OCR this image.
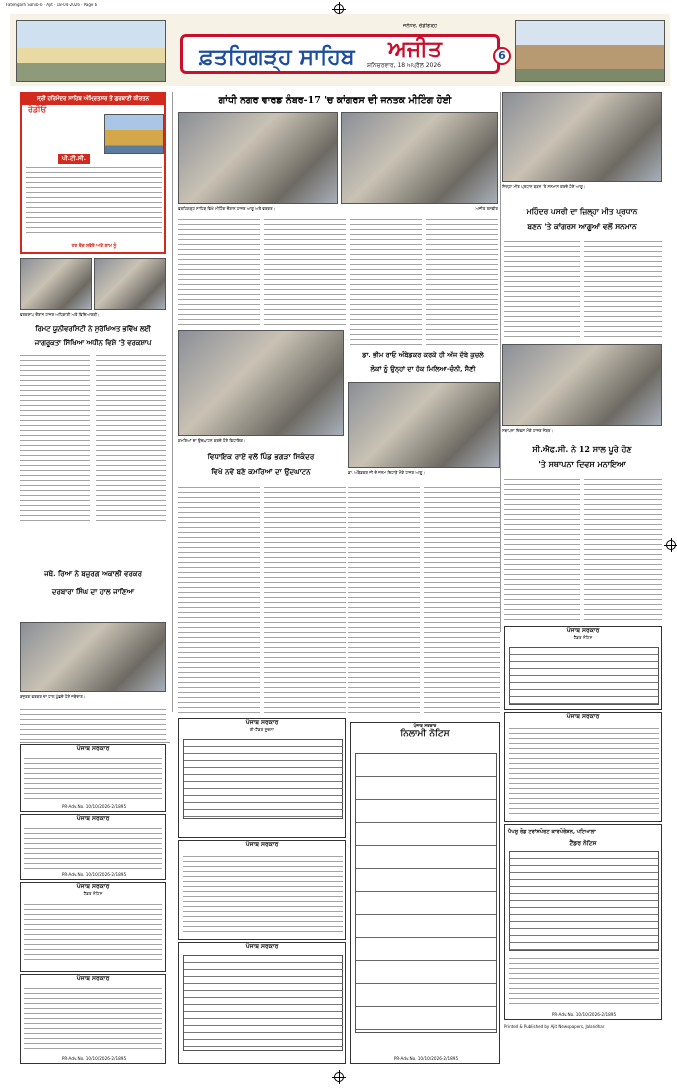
Fatehgarh Sahib-6 · Ajit · 18-04-2026 · Page 6
ਫ਼ਤਹਿਗੜ੍ਹ ਸਾਹਿਬ	ਅਜੀਤ
ਸ਼ਨਿਚਰਵਾਰ, 18 ਅਪ੍ਰੈਲ 2026
ਜਲੰਧਰ, ਚੰਡੀਗੜ੍ਹ
6
ਸ੍ਰੀ ਹਰਿਮੰਦਰ ਸਾਹਿਬ ਅੰਮ੍ਰਿਤਸਰ ਤੋਂ ਗੁਰਬਾਣੀ ਕੀਰਤਨ
ਰੇਡੀਓ
ਪੀ.ਟੀ.ਸੀ.
ਹਰ ਰੋਜ਼ ਸਵੇਰੇ ਅਤੇ ਸ਼ਾਮ ਨੂੰ
ਗਾਂਧੀ ਨਗਰ ਵਾਰਡ ਨੰਬਰ-17 'ਚ ਕਾਂਗਰਸ ਦੀ ਜਨਤਕ ਮੀਟਿੰਗ ਹੋਈ
ਫ਼ਤਹਿਗੜ੍ਹ ਸਾਹਿਬ ਵਿਖੇ ਮੀਟਿੰਗ ਦੌਰਾਨ ਹਾਜ਼ਰ ਆਗੂ ਅਤੇ ਵਰਕਰ।	ਅਜੀਤ ਤਸਵੀਰ
ਜ਼ਿਲ੍ਹਾ ਮੀਤ ਪ੍ਰਧਾਨ ਬਣਨ 'ਤੇ ਸਨਮਾਨ ਕਰਦੇ ਹੋਏ ਆਗੂ।
ਮਹਿੰਦਰ ਪਸਰੀ ਦਾ ਜ਼ਿਲ੍ਹਾ ਮੀਤ ਪ੍ਰਧਾਨ
ਬਣਨ 'ਤੇ ਕਾਂਗਰਸ ਆਗੂਆਂ ਵਲੋਂ ਸਨਮਾਨ
ਵਰਕਸ਼ਾਪ ਦੌਰਾਨ ਹਾਜ਼ਰ ਅਧਿਕਾਰੀ ਅਤੇ ਵਿਦਿਆਰਥੀ।
ਰਿਮਟ ਯੂਨੀਵਰਸਿਟੀ ਨੇ ਸੁਰੱਖਿਅਤ ਭਵਿੱਖ ਲਈ
ਜਾਗਰੂਕਤਾ ਸਿੱਖਿਆ ਅਧੀਨ ਵਿਸ਼ੇ 'ਤੇ ਵਰਕਸ਼ਾਪ
ਕਮਰਿਆਂ ਦਾ ਉਦਘਾਟਨ ਕਰਦੇ ਹੋਏ ਵਿਧਾਇਕ।
ਵਿਧਾਇਕ ਰਾਏ ਵਲੋਂ ਪਿੰਡ ਭਗੜਾ ਸਿਕੰਦਰ
ਵਿਖੇ ਨਵੇਂ ਬਣੇ ਕਮਰਿਆਂ ਦਾ ਉਦਘਾਟਨ
ਡਾ. ਭੀਮ ਰਾਓ ਅੰਬੇਡਕਰ ਕਰਕੇ ਹੀ ਅੱਜ ਦੱਬੇ ਕੁਚਲੇ
ਲੋਕਾਂ ਨੂੰ ਉਨ੍ਹਾਂ ਦਾ ਹੱਕ ਮਿਲਿਆ-ਚੰਨੀ, ਸੈਣੀ
ਡਾ. ਅੰਬੇਡਕਰ ਜੀ ਦੇ ਜਨਮ ਦਿਹਾੜੇ ਮੌਕੇ ਹਾਜ਼ਰ ਆਗੂ।
ਸਥਾਪਨਾ ਦਿਵਸ ਮੌਕੇ ਹਾਜ਼ਰ ਮੈਂਬਰ।
ਸੀ.ਐਫ.ਸੀ. ਨੇ 12 ਸਾਲ ਪੂਰੇ ਹੋਣ
'ਤੇ ਸਥਾਪਨਾ ਦਿਵਸ ਮਨਾਇਆ
ਜਥੇ. ਰਿਆ ਨੇ ਬਜ਼ੁਰਗ ਅਕਾਲੀ ਵਰਕਰ
ਦਰਬਾਰਾ ਸਿੰਘ ਦਾ ਹਾਲ ਜਾਣਿਆ
ਬਜ਼ੁਰਗ ਵਰਕਰ ਦਾ ਹਾਲ ਪੁੱਛਦੇ ਹੋਏ ਜਥੇਦਾਰ।
ਪੰਜਾਬ ਸਰਕਾਰ
PR-Adv.No. 10/10/2026-2/1895
ਪੰਜਾਬ ਸਰਕਾਰ
PR-Adv.No. 10/10/2026-2/1895
ਪੰਜਾਬ ਸਰਕਾਰ
ਟੈਂਡਰ ਨੋਟਿਸ
ਪੰਜਾਬ ਸਰਕਾਰ
PR-Adv.No. 10/10/2026-2/1895
ਪੰਜਾਬ ਸਰਕਾਰ
ਈ-ਟੈਂਡਰ ਸੂਚਨਾ
ਪੰਜਾਬ ਸਰਕਾਰ
ਪੰਜਾਬ ਸਰਕਾਰ
ਪੰਜਾਬ ਸਰਕਾਰ
ਨਿਲਾਮੀ ਨੋਟਿਸ
PR-Adv.No. 10/10/2026-2/1895
ਪੰਜਾਬ ਸਰਕਾਰ
ਟੈਂਡਰ ਨੋਟਿਸ
ਪੰਜਾਬ ਸਰਕਾਰ
ਪੈਪਸੂ ਰੋਡ ਟਰਾਂਸਪੋਰਟ ਕਾਰਪੋਰੇਸ਼ਨ, ਪਟਿਆਲਾ
ਟੈਂਡਰ ਨੋਟਿਸ
PR-Adv.No. 10/10/2026-2/1895
Printed & Published by Ajit Newspapers, Jalandhar
